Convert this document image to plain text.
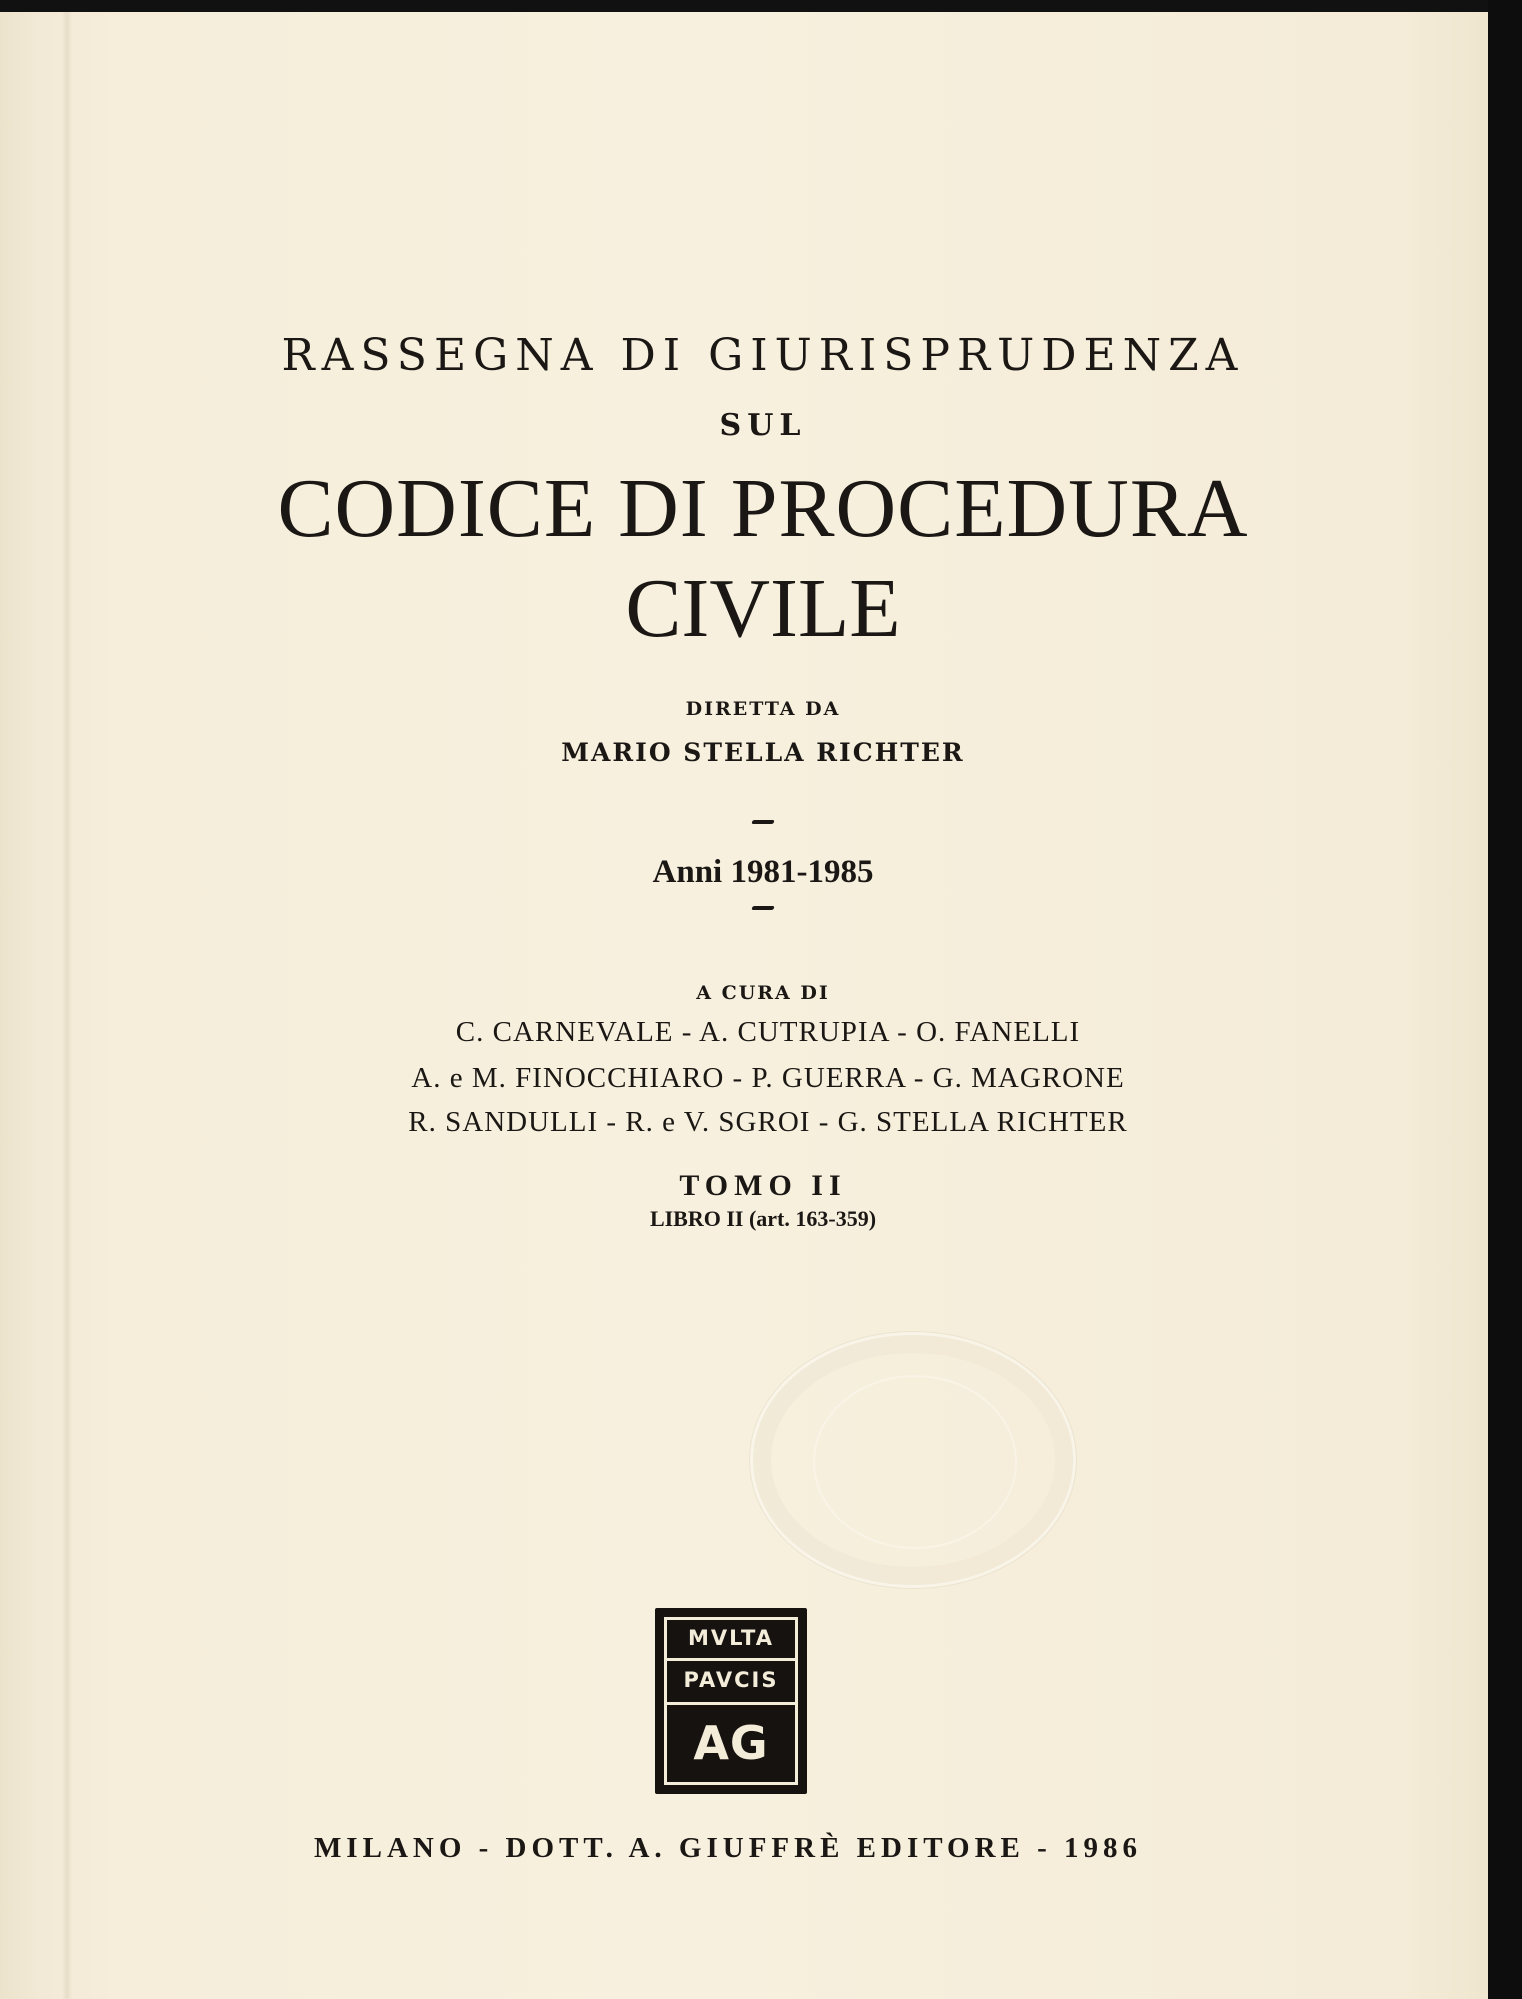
RASSEGNA DI GIURISPRUDENZA
SUL
CODICE DI PROCEDURA
CIVILE
DIRETTA DA
MARIO STELLA RICHTER
Anni 1981-1985
A CURA DI
C. CARNEVALE - A. CUTRUPIA - O. FANELLI
A. e M. FINOCCHIARO - P. GUERRA - G. MAGRONE
R. SANDULLI - R. e V. SGROI - G. STELLA RICHTER
TOMO II
LIBRO II (art. 163-359)
MVLTA
PAVCIS
AG
MILANO - DOTT. A. GIUFFRÈ EDITORE - 1986
